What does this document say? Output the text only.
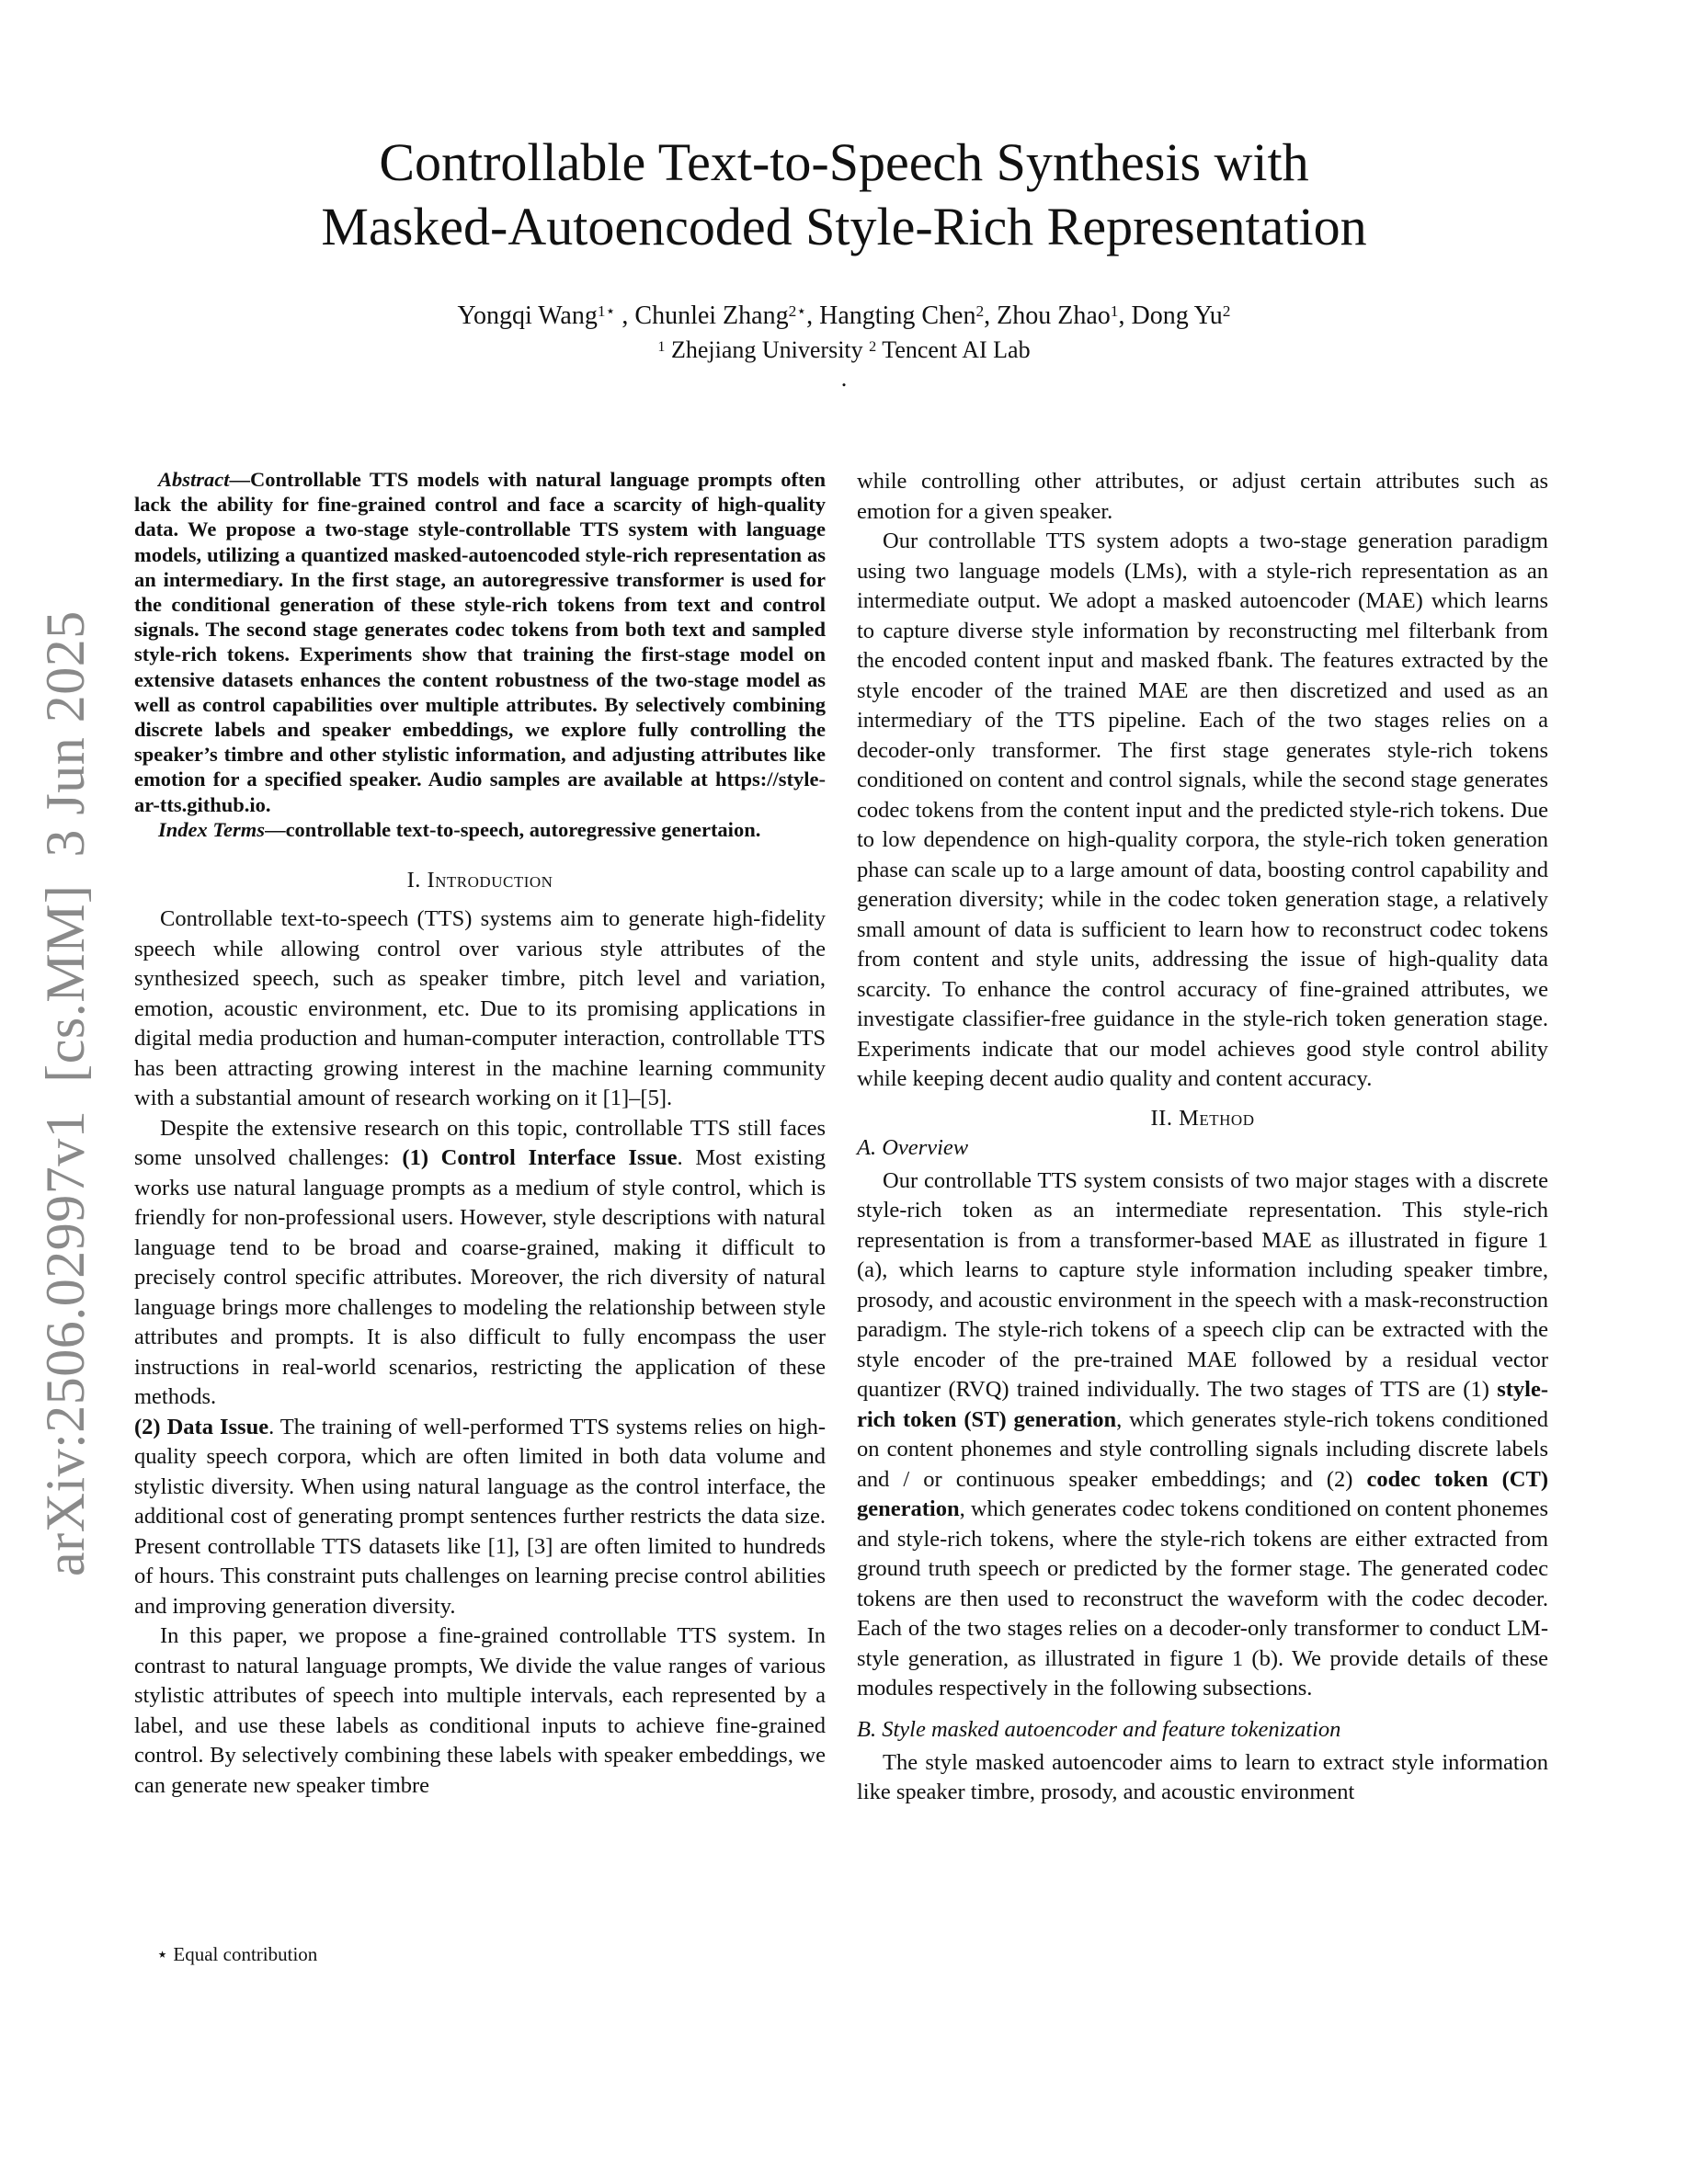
arXiv:2506.02997v1[cs.MM]3 Jun 2025
Controllable Text-to-Speech Synthesis with
Masked-Autoencoded Style-Rich Representation
Yongqi Wang$^{1⋆}$ , Chunlei Zhang$^{2⋆}$, Hangting Chen$^2$, Zhou Zhao$^1$, Dong Yu$^2$
$^1$ Zhejiang University $^2$ Tencent AI Lab
.

Abstract—Controllable TTS models with natural language prompts often lack the ability for fine-grained control and face a scarcity of high-quality data. We propose a two-stage style-controllable TTS system with language models, utilizing a quantized masked-autoencoded style-rich representation as an intermediary. In the first stage, an autoregressive transformer is used for the conditional generation of these style-rich tokens from text and control signals. The second stage generates codec tokens from both text and sampled style-rich tokens. Experiments show that training the first-stage model on extensive datasets enhances the content robustness of the two-stage model as well as control capabilities over multiple attributes. By selectively combining discrete labels and speaker embeddings, we explore fully controlling the speaker’s timbre and other stylistic information, and adjusting attributes like emotion for a specified speaker. Audio samples are available at https://style-ar-tts.github.io.

Index Terms—controllable text-to-speech, autoregressive genertaion.

I. Introduction

Controllable text-to-speech (TTS) systems aim to generate high-fidelity speech while allowing control over various style attributes of the synthesized speech, such as speaker timbre, pitch level and variation, emotion, acoustic environment, etc. Due to its promising applications in digital media production and human-computer interaction, controllable TTS has been attracting growing interest in the machine learning community with a substantial amount of research working on it [1]–[5].

Despite the extensive research on this topic, controllable TTS still faces some unsolved challenges: (1) Control Interface Issue. Most existing works use natural language prompts as a medium of style control, which is friendly for non-professional users. However, style descriptions with natural language tend to be broad and coarse-grained, making it difficult to precisely control specific attributes. Moreover, the rich diversity of natural language brings more challenges to modeling the relationship between style attributes and prompts. It is also difficult to fully encompass the user instructions in real-world scenarios, restricting the application of these methods.

(2) Data Issue. The training of well-performed TTS systems relies on high-quality speech corpora, which are often limited in both data volume and stylistic diversity. When using natural language as the control interface, the additional cost of generating prompt sentences further restricts the data size. Present controllable TTS datasets like [1], [3] are often limited to hundreds of hours. This constraint puts challenges on learning precise control abilities and improving generation diversity.

In this paper, we propose a fine-grained controllable TTS system. In contrast to natural language prompts, We divide the value ranges of various stylistic attributes of speech into multiple intervals, each represented by a label, and use these labels as conditional inputs to achieve fine-grained control. By selectively combining these labels with speaker embeddings, we can generate new speaker timbre

while controlling other attributes, or adjust certain attributes such as emotion for a given speaker.

Our controllable TTS system adopts a two-stage generation paradigm using two language models (LMs), with a style-rich representation as an intermediate output. We adopt a masked autoencoder (MAE) which learns to capture diverse style information by reconstructing mel filterbank from the encoded content input and masked fbank. The features extracted by the style encoder of the trained MAE are then discretized and used as an intermediary of the TTS pipeline. Each of the two stages relies on a decoder-only transformer. The first stage generates style-rich tokens conditioned on content and control signals, while the second stage generates codec tokens from the content input and the predicted style-rich tokens. Due to low dependence on high-quality corpora, the style-rich token generation phase can scale up to a large amount of data, boosting control capability and generation diversity; while in the codec token generation stage, a relatively small amount of data is sufficient to learn how to reconstruct codec tokens from content and style units, addressing the issue of high-quality data scarcity. To enhance the control accuracy of fine-grained attributes, we investigate classifier-free guidance in the style-rich token generation stage. Experiments indicate that our model achieves good style control ability while keeping decent audio quality and content accuracy.

II. Method

A. Overview

Our controllable TTS system consists of two major stages with a discrete style-rich token as an intermediate representation. This style-rich representation is from a transformer-based MAE as illustrated in figure 1 (a), which learns to capture style information including speaker timbre, prosody, and acoustic environment in the speech with a mask-reconstruction paradigm. The style-rich tokens of a speech clip can be extracted with the style encoder of the pre-trained MAE followed by a residual vector quantizer (RVQ) trained individually. The two stages of TTS are (1) style-rich token (ST) generation, which generates style-rich tokens conditioned on content phonemes and style controlling signals including discrete labels and / or continuous speaker embeddings; and (2) codec token (CT) generation, which generates codec tokens conditioned on content phonemes and style-rich tokens, where the style-rich tokens are either extracted from ground truth speech or predicted by the former stage. The generated codec tokens are then used to reconstruct the waveform with the codec decoder. Each of the two stages relies on a decoder-only transformer to conduct LM-style generation, as illustrated in figure 1 (b). We provide details of these modules respectively in the following subsections.

B. Style masked autoencoder and feature tokenization

The style masked autoencoder aims to learn to extract style information like speaker timbre, prosody, and acoustic environment

⋆ Equal contribution
